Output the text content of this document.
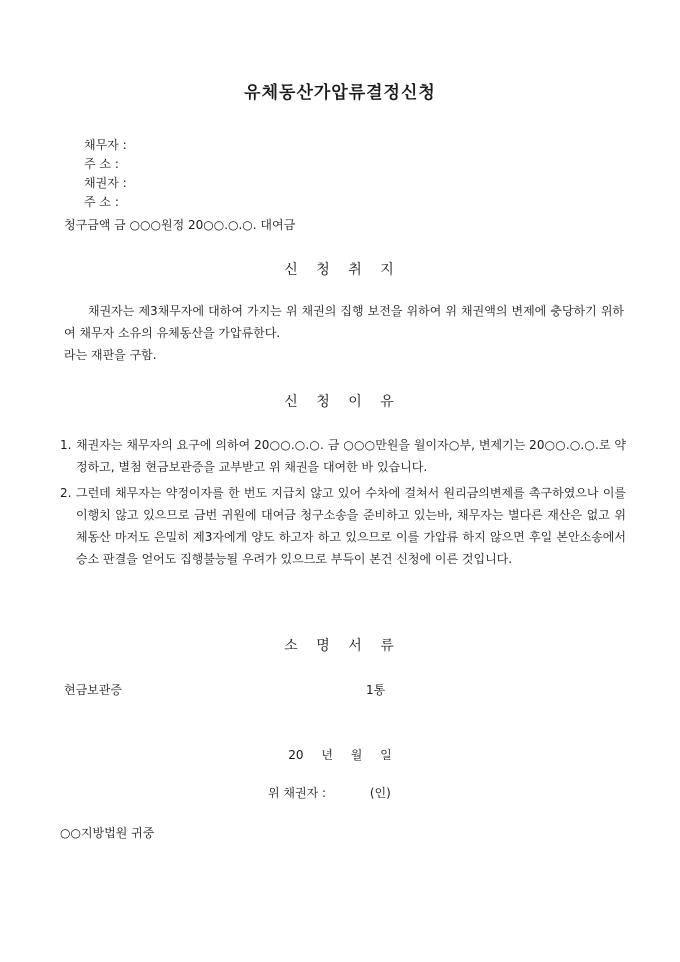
유체동산가압류결정신청
채무자 :
주 소 :
채권자 :
주 소 :
청구금액 금 ○○○원정 20○○.○.○. 대여금
신 청 취 지

채권자는 제3채무자에 대하여 가지는 위 채권의 집행 보전을 위하여 위 채권액의 변제에 충당하기 위하여 채무자 소유의 유체동산을 가압류한다.

라는 재판을 구함.

신 청 이 유
1. 채권자는 채무자의 요구에 의하여 20○○.○.○. 금 ○○○만원을 월이자○부, 변제기는 20○○.○.○.로 약정하고, 별첨 현금보관증을 교부받고 위 채권을 대여한 바 있습니다.
2. 그런데 채무자는 약정이자를 한 번도 지급치 않고 있어 수차에 걸쳐서 원리금의변제를 촉구하였으나 이를 이행치 않고 있으므로 금번 귀원에 대여금 청구소송을 준비하고 있는바, 채무자는 별다른 재산은 없고 위체동산 마저도 은밀히 제3자에게 양도 하고자 하고 있으므로 이를 가압류 하지 않으면 후일 본안소송에서 승소 판결을 얻어도 집행불능될 우려가 있으므로 부득이 본건 신청에 이른 것입니다.
소 명 서 류
현금보관증	1통
20 년 월 일
위 채권자 :	(인)
○○지방법원 귀중
